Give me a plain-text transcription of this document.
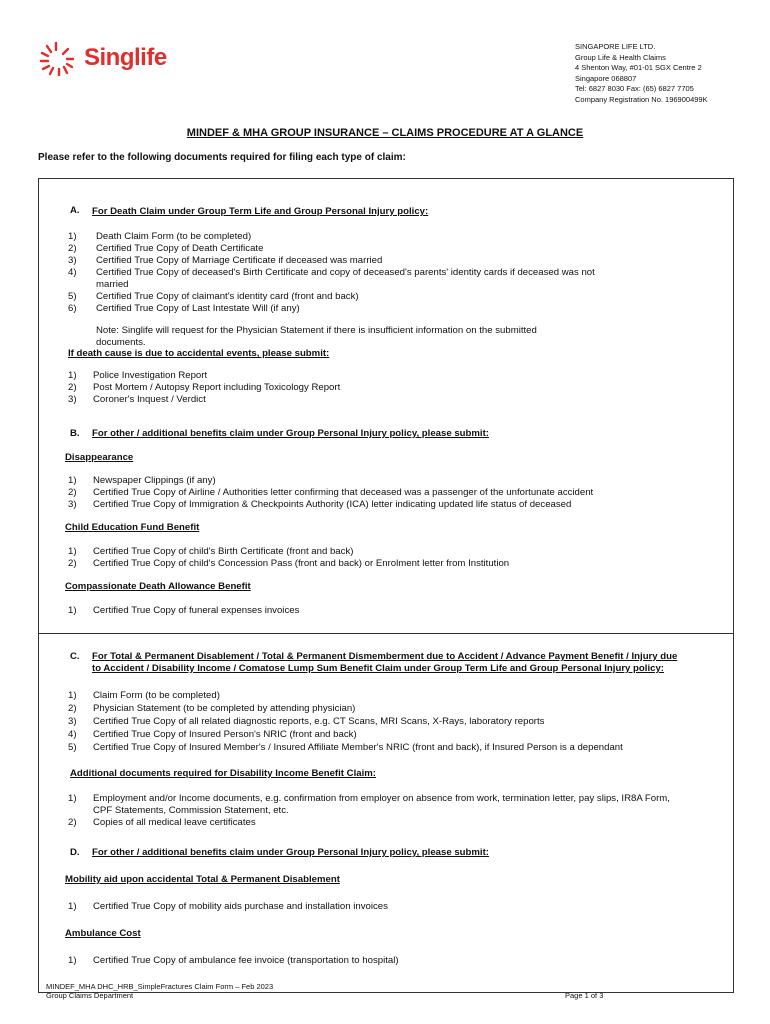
Singlife	SINGAPORE LIFE LTD.
Group Life & Health Claims
4 Shenton Way, #01-01 SGX Centre 2
Singapore 068807
Tel: 6827 8030 Fax: (65) 6827 7705
Company Registration No. 196900499K
MINDEF & MHA GROUP INSURANCE – CLAIMS PROCEDURE AT A GLANCE
Please refer to the following documents required for filing each type of claim:
A. For Death Claim under Group Term Life and Group Personal Injury policy:
1) Death Claim Form (to be completed)
2) Certified True Copy of Death Certificate
3) Certified True Copy of Marriage Certificate if deceased was married
4) Certified True Copy of deceased's Birth Certificate and copy of deceased's parents' identity cards if deceased was not
married
5) Certified True Copy of claimant's identity card (front and back)
6) Certified True Copy of Last Intestate Will (if any)
Note: Singlife will request for the Physician Statement if there is insufficient information on the submitted
documents.
If death cause is due to accidental events, please submit:
1) Police Investigation Report
2) Post Mortem / Autopsy Report including Toxicology Report
3) Coroner's Inquest / Verdict
B. For other / additional benefits claim under Group Personal Injury policy, please submit:
Disappearance
1) Newspaper Clippings (if any)
2) Certified True Copy of Airline / Authorities letter confirming that deceased was a passenger of the unfortunate accident
3) Certified True Copy of Immigration & Checkpoints Authority (ICA) letter indicating updated life status of deceased
Child Education Fund Benefit
1) Certified True Copy of child's Birth Certificate (front and back)
2) Certified True Copy of child's Concession Pass (front and back) or Enrolment letter from Institution
Compassionate Death Allowance Benefit
1) Certified True Copy of funeral expenses invoices
C. For Total & Permanent Disablement / Total & Permanent Dismemberment due to Accident / Advance Payment Benefit / Injury due
to Accident / Disability Income / Comatose Lump Sum Benefit Claim under Group Term Life and Group Personal Injury policy:
1) Claim Form (to be completed)
2) Physician Statement (to be completed by attending physician)
3) Certified True Copy of all related diagnostic reports, e.g. CT Scans, MRI Scans, X-Rays, laboratory reports
4) Certified True Copy of Insured Person's NRIC (front and back)
5) Certified True Copy of Insured Member's / Insured Affiliate Member's NRIC (front and back), if Insured Person is a dependant
Additional documents required for Disability Income Benefit Claim:
1) Employment and/or Income documents, e.g. confirmation from employer on absence from work, termination letter, pay slips, IR8A Form,
CPF Statements, Commission Statement, etc.
2) Copies of all medical leave certificates
D. For other / additional benefits claim under Group Personal Injury policy, please submit:
Mobility aid upon accidental Total & Permanent Disablement
1) Certified True Copy of mobility aids purchase and installation invoices
Ambulance Cost
1) Certified True Copy of ambulance fee invoice (transportation to hospital)
MINDEF_MHA DHC_HRB_SimpleFractures Claim Form – Feb 2023
Group Claims Department	Page 1 of 3
